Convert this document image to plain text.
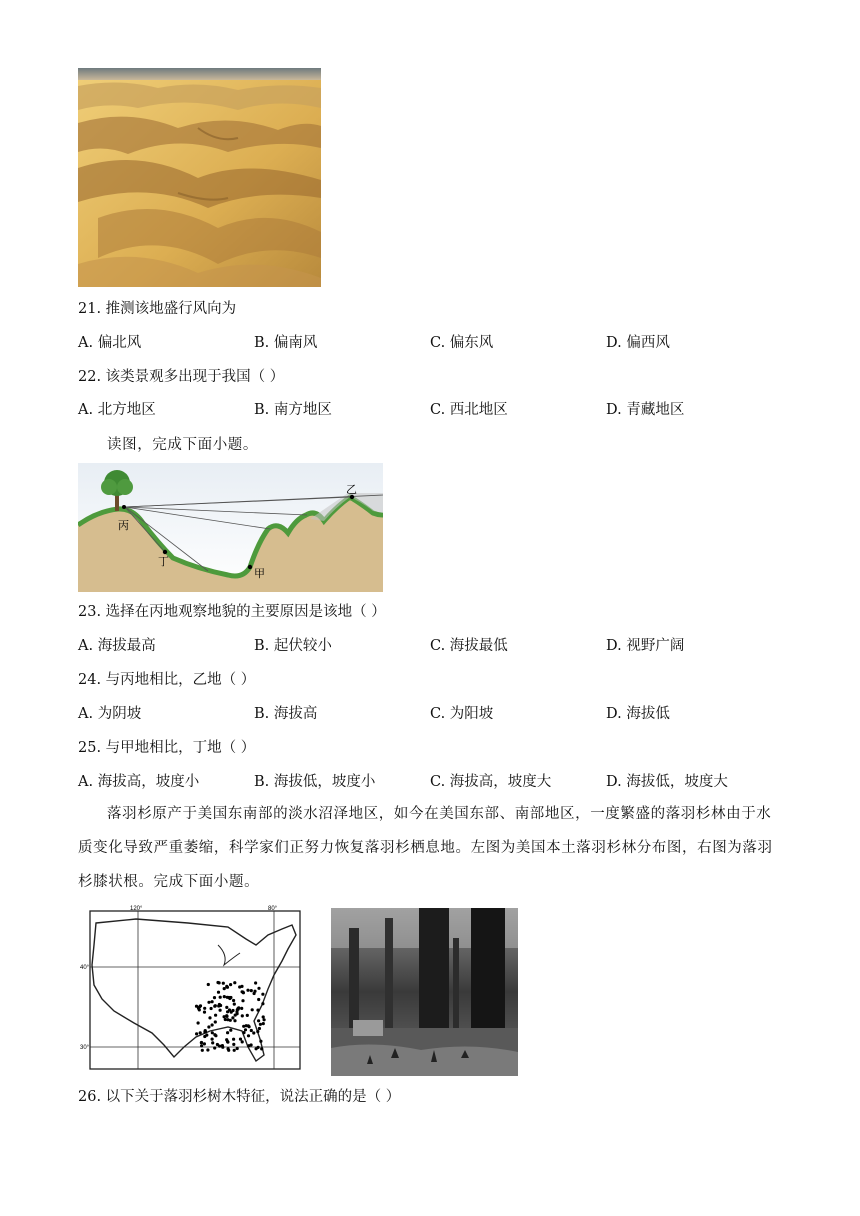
21. 推测该地盛行风向为
A. 偏北风	B. 偏南风	C. 偏东风	D. 偏西风
22. 该类景观多出现于我国（ ）
A. 北方地区	B. 南方地区	C. 西北地区	D. 青藏地区
读图，完成下面小题。
乙
丙
丁
甲
23. 选择在丙地观察地貌的主要原因是该地（ ）
A. 海拔最高	B. 起伏较小	C. 海拔最低	D. 视野广阔
24. 与丙地相比，乙地（ ）
A. 为阴坡	B. 海拔高	C. 为阳坡	D. 海拔低
25. 与甲地相比，丁地（ ）
A. 海拔高，坡度小	B. 海拔低，坡度小	C. 海拔高，坡度大	D. 海拔低，坡度大
落羽杉原产于美国东南部的淡水沼泽地区，如今在美国东部、南部地区，一度繁盛的落羽杉林由于水质变化导致严重萎缩，科学家们正努力恢复落羽杉栖息地。左图为美国本土落羽杉林分布图，右图为落羽杉膝状根。完成下面小题。
120°	80°
40°
30°
26. 以下关于落羽杉树木特征，说法正确的是（ ）
